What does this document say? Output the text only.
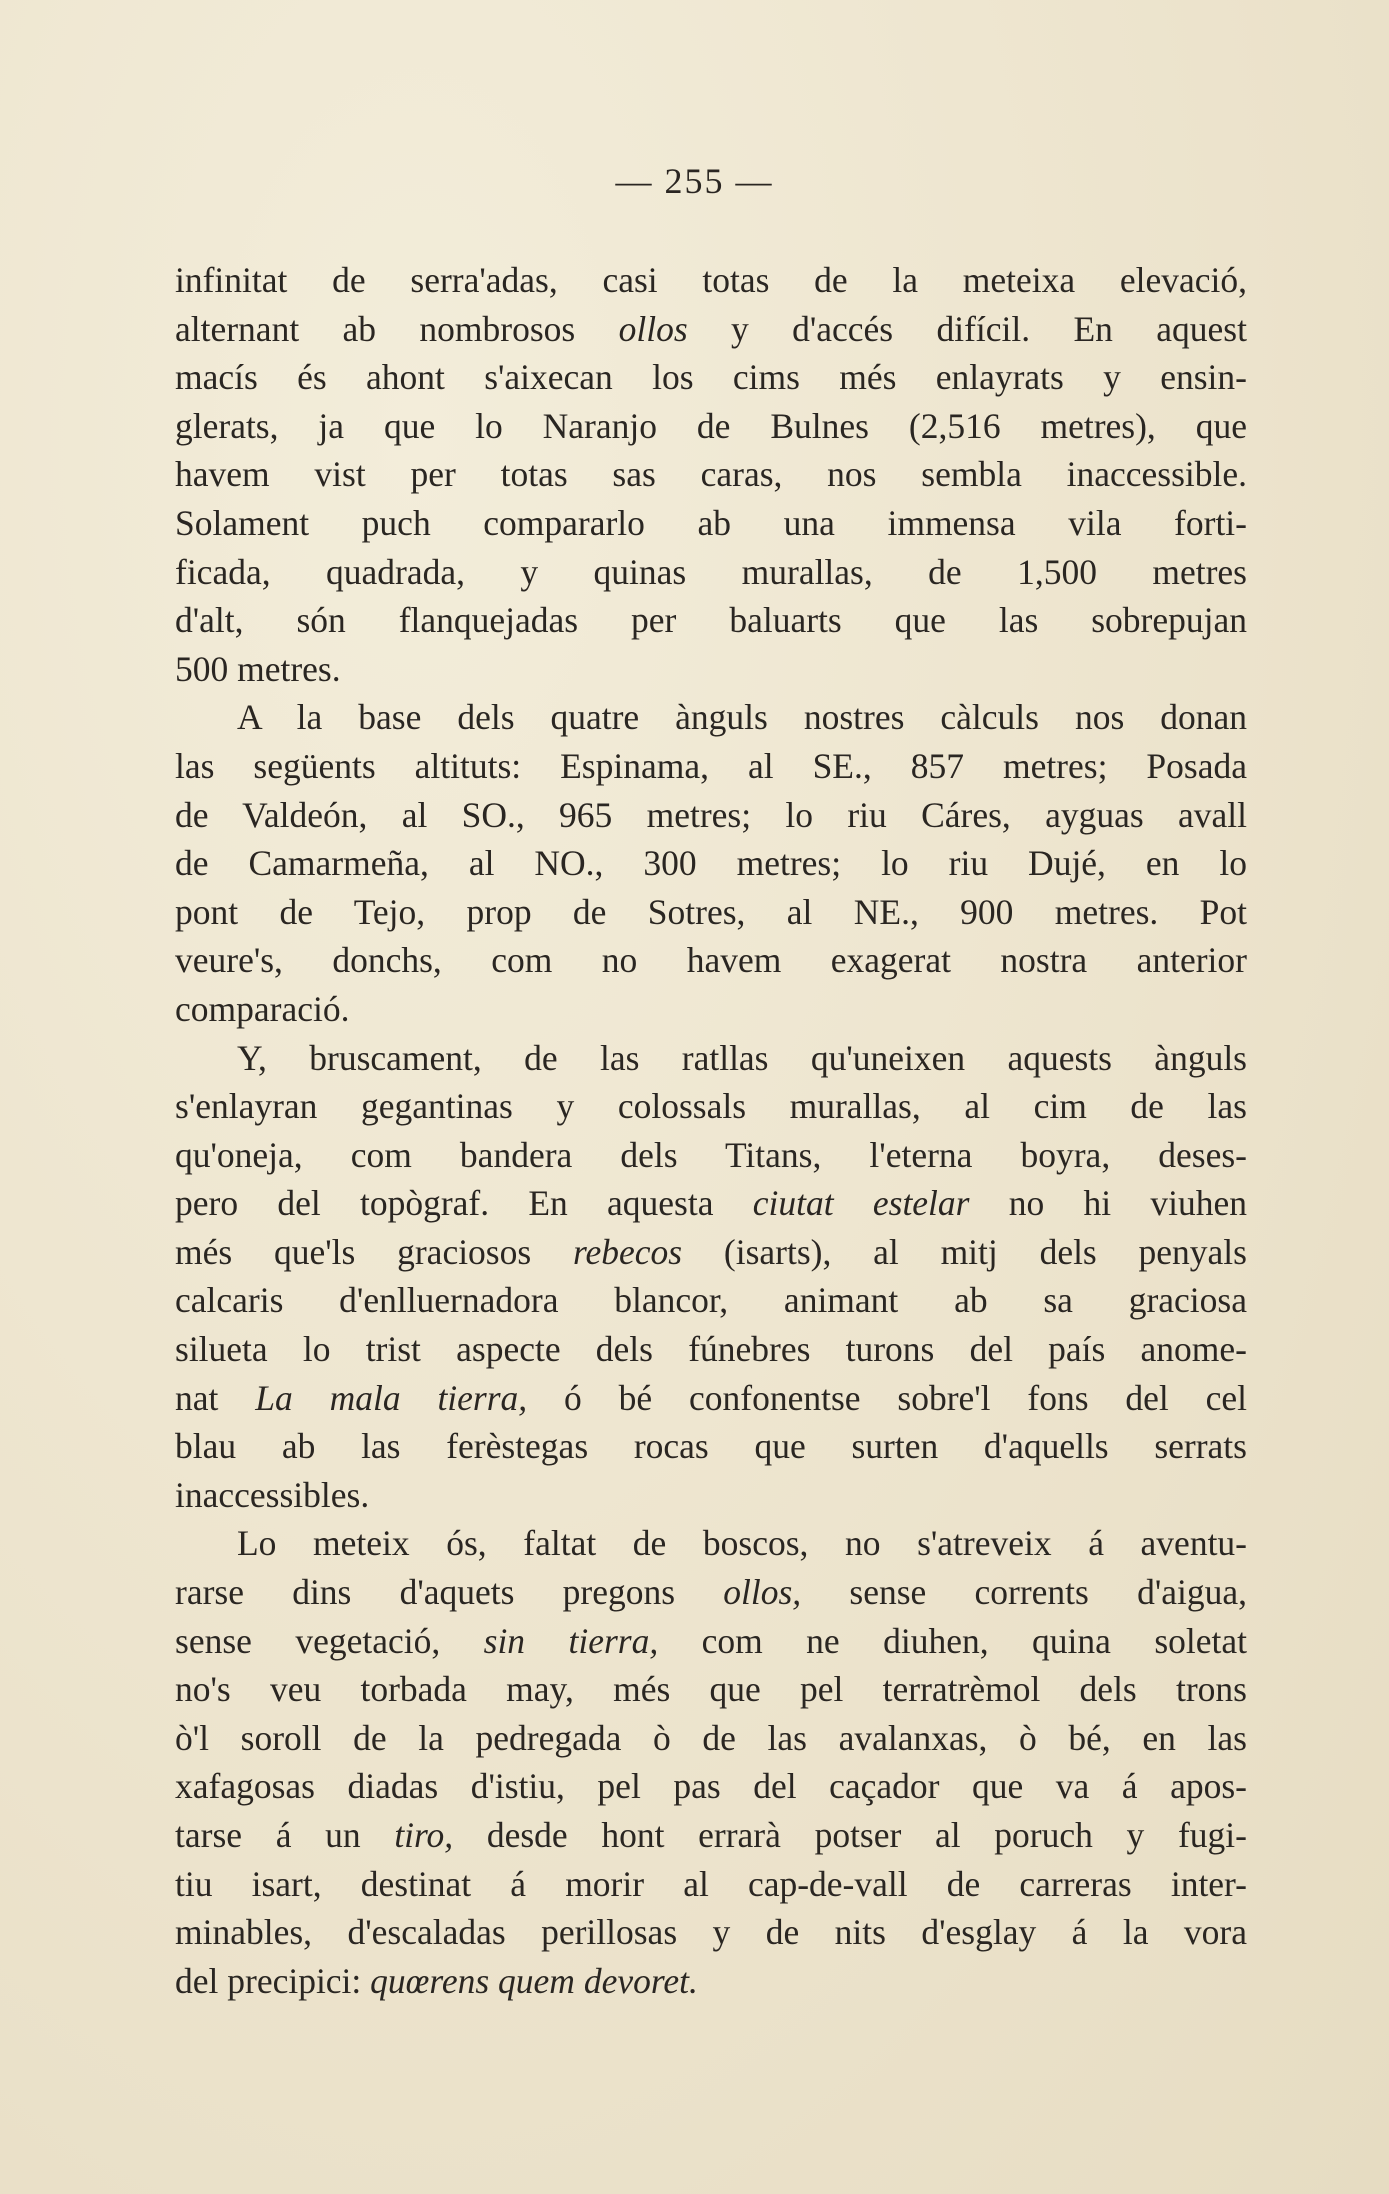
— 255 —
infinitat de serra'adas, casi totas de la meteixa elevació,
alternant ab nombrosos ollos y d'accés difícil. En aquest
macís és ahont s'aixecan los cims més enlayrats y ensin-
glerats, ja que lo Naranjo de Bulnes (2,516 metres), que
havem vist per totas sas caras, nos sembla inaccessible.
Solament puch compararlo ab una immensa vila forti-
ficada, quadrada, y quinas murallas, de 1,500 metres
d'alt, són flanquejadas per baluarts que las sobrepujan
500 metres.
A la base dels quatre ànguls nostres càlculs nos donan
las següents altituts: Espinama, al SE., 857 metres; Posada
de Valdeón, al SO., 965 metres; lo riu Cáres, ayguas avall
de Camarmeña, al NO., 300 metres; lo riu Dujé, en lo
pont de Tejo, prop de Sotres, al NE., 900 metres. Pot
veure's, donchs, com no havem exagerat nostra anterior
comparació.
Y, bruscament, de las ratllas qu'uneixen aquests ànguls
s'enlayran gegantinas y colossals murallas, al cim de las
qu'oneja, com bandera dels Titans, l'eterna boyra, deses-
pero del topògraf. En aquesta ciutat estelar no hi viuhen
més que'ls graciosos rebecos (isarts), al mitj dels penyals
calcaris d'enlluernadora blancor, animant ab sa graciosa
silueta lo trist aspecte dels fúnebres turons del país anome-
nat La mala tierra, ó bé confonentse sobre'l fons del cel
blau ab las ferèstegas rocas que surten d'aquells serrats
inaccessibles.
Lo meteix ós, faltat de boscos, no s'atreveix á aventu-
rarse dins d'aquets pregons ollos, sense corrents d'aigua,
sense vegetació, sin tierra, com ne diuhen, quina soletat
no's veu torbada may, més que pel terratrèmol dels trons
ò'l soroll de la pedregada ò de las avalanxas, ò bé, en las
xafagosas diadas d'istiu, pel pas del caçador que va á apos-
tarse á un tiro, desde hont errarà potser al poruch y fugi-
tiu isart, destinat á morir al cap-de-vall de carreras inter-
minables, d'escaladas perillosas y de nits d'esglay á la vora
del precipici: quœrens quem devoret.
